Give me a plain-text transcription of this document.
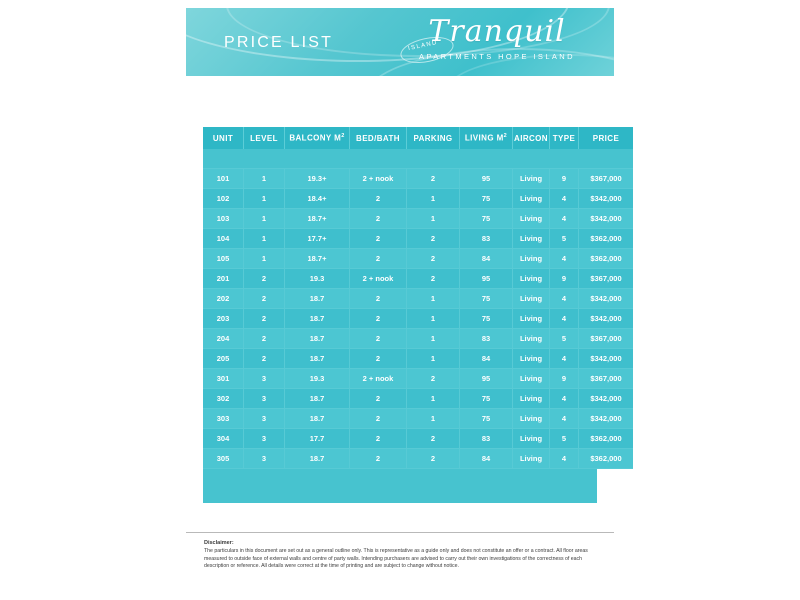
PRICE LIST	ISLAND
Tranquil
APARTMENTS HOPE ISLAND
UNIT	LEVEL	BALCONY $M^2$	BED/BATH	PARKING	LIVING $M^2$	AIRCON	TYPE	PRICE

101	1	19.3+	2 + nook	2	95	Living	9	$367,000
102	1	18.4+	2	1	75	Living	4	$342,000
103	1	18.7+	2	1	75	Living	4	$342,000
104	1	17.7+	2	2	83	Living	5	$362,000
105	1	18.7+	2	2	84	Living	4	$362,000
201	2	19.3	2 + nook	2	95	Living	9	$367,000
202	2	18.7	2	1	75	Living	4	$342,000
203	2	18.7	2	1	75	Living	4	$342,000
204	2	18.7	2	1	83	Living	5	$367,000
205	2	18.7	2	1	84	Living	4	$342,000
301	3	19.3	2 + nook	2	95	Living	9	$367,000
302	3	18.7	2	1	75	Living	4	$342,000
303	3	18.7	2	1	75	Living	4	$342,000
304	3	17.7	2	2	83	Living	5	$362,000
305	3	18.7	2	2	84	Living	4	$362,000
Disclaimer:
The particulars in this document are set out as a general outline only. This is representative as a guide only and does not constitute an offer or a contract. All floor areas measured to outside face of external walls and centre of party walls. Intending purchasers are advised to carry out their own investigations of the correctness of each description or reference. All details were correct at the time of printing and are subject to change without notice.
